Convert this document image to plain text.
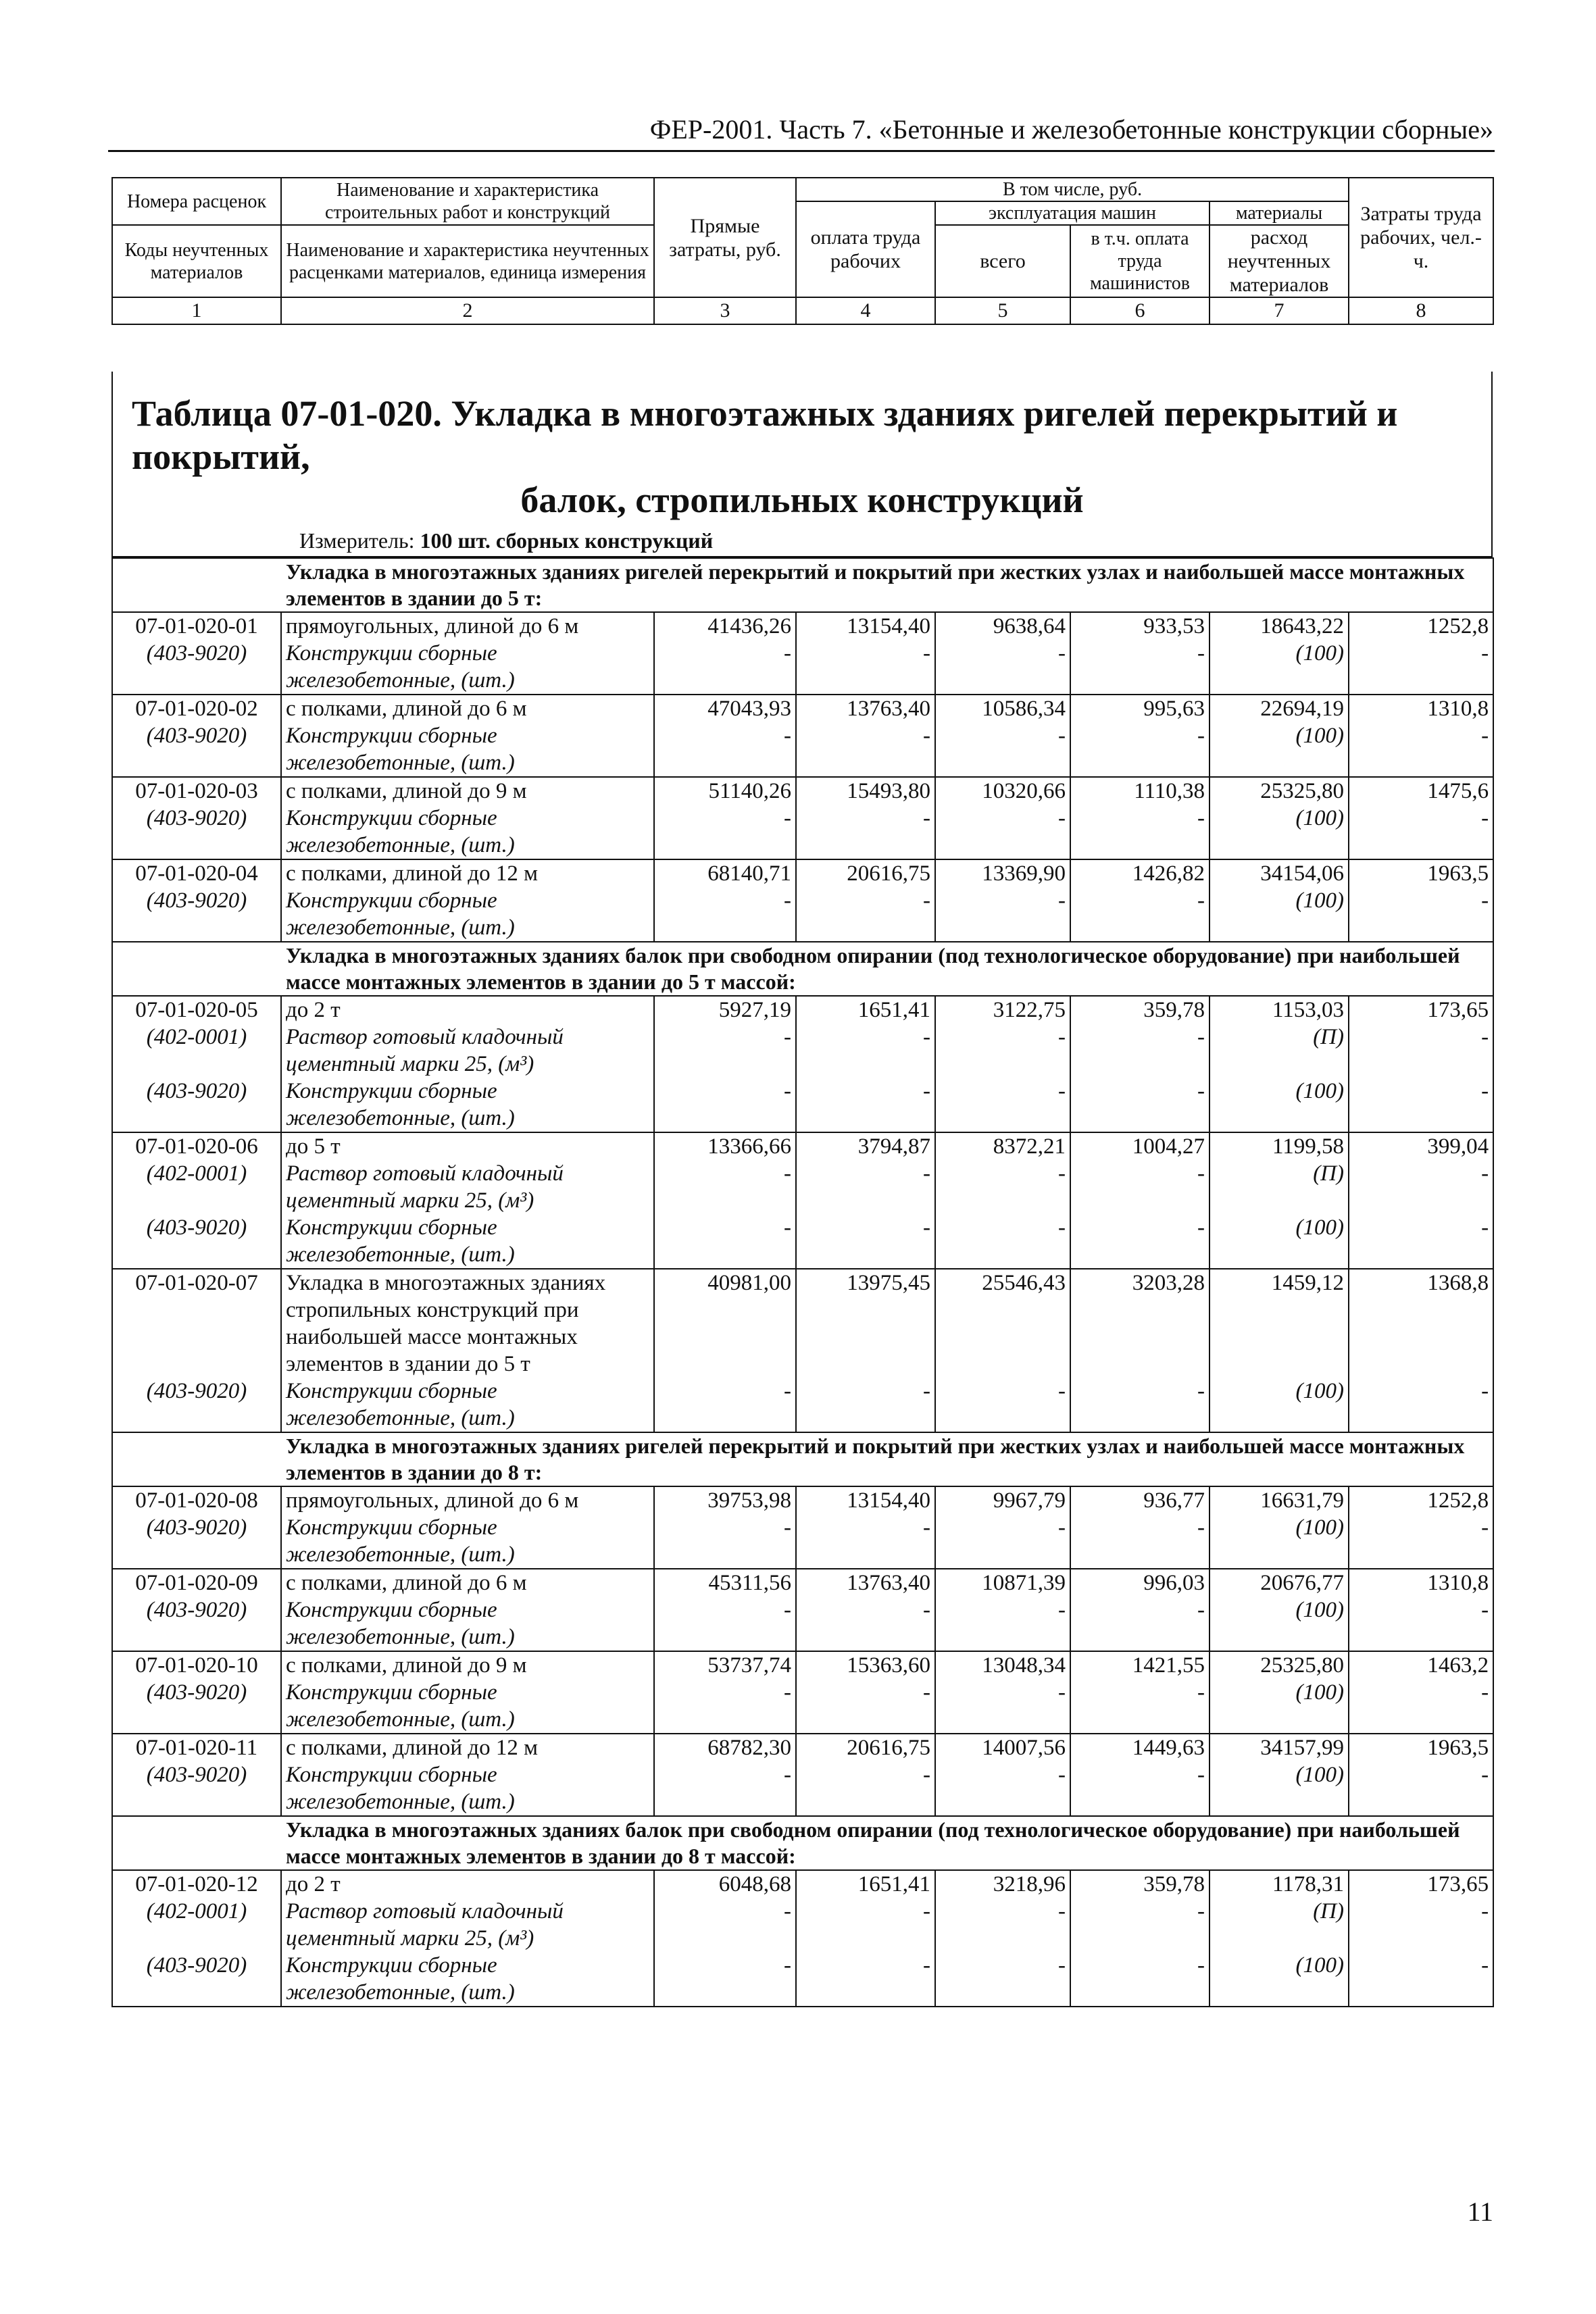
ФЕР-2001. Часть 7. «Бетонные и железобетонные конструкции сборные»
Номера расценок	Наименование и характеристика строительных работ и конструкций	Прямые затраты, руб.	В том числе, руб.				Затраты труда рабочих, чел.-ч.
			оплата труда рабочих	эксплуатация машин		материалы	
Коды неучтенных материалов	Наименование и характеристика неучтенных расценками материалов, единица измерения			всего	в т.ч. оплата труда машинистов	расход неучтенных материалов	

1	2	3	4	5	6	7	8
Таблица 07-01-020. Укладка в многоэтажных зданиях ригелей перекрытий и покрытий,
балок, стропильных конструкций
Измеритель: 100 шт. сборных конструкций
Укладка в многоэтажных зданиях ригелей перекрытий и покрытий при жестких узлах и наибольшей массе монтажных элементов в здании до 5 т:							
07-01-020-01	прямоугольных, длиной до 6 м	41436,26	13154,40	9638,64	933,53	18643,22	1252,8
(403-9020)	Конструкции сборные железобетонные, (шт.)	-	-	-	-	(100)	-
07-01-020-02	с полками, длиной до 6 м	47043,93	13763,40	10586,34	995,63	22694,19	1310,8
(403-9020)	Конструкции сборные железобетонные, (шт.)	-	-	-	-	(100)	-
07-01-020-03	с полками, длиной до 9 м	51140,26	15493,80	10320,66	1110,38	25325,80	1475,6
(403-9020)	Конструкции сборные железобетонные, (шт.)	-	-	-	-	(100)	-
07-01-020-04	с полками, длиной до 12 м	68140,71	20616,75	13369,90	1426,82	34154,06	1963,5
(403-9020)	Конструкции сборные железобетонные, (шт.)	-	-	-	-	(100)	-
Укладка в многоэтажных зданиях балок при свободном опирании (под технологическое оборудование) при наибольшей массе монтажных элементов в здании до 5 т массой:							
07-01-020-05	до 2 т	5927,19	1651,41	3122,75	359,78	1153,03	173,65
(402-0001)	Раствор готовый кладочный цементный марки 25, (м³)	-	-	-	-	(П)	-
(403-9020)	Конструкции сборные железобетонные, (шт.)	-	-	-	-	(100)	-
07-01-020-06	до 5 т	13366,66	3794,87	8372,21	1004,27	1199,58	399,04
(402-0001)	Раствор готовый кладочный цементный марки 25, (м³)	-	-	-	-	(П)	-
(403-9020)	Конструкции сборные железобетонные, (шт.)	-	-	-	-	(100)	-
07-01-020-07	Укладка в многоэтажных зданиях стропильных конструкций при наибольшей массе монтажных элементов в здании до 5 т	40981,00	13975,45	25546,43	3203,28	1459,12	1368,8
(403-9020)	Конструкции сборные железобетонные, (шт.)	-	-	-	-	(100)	-
Укладка в многоэтажных зданиях ригелей перекрытий и покрытий при жестких узлах и наибольшей массе монтажных элементов в здании до 8 т:							
07-01-020-08	прямоугольных, длиной до 6 м	39753,98	13154,40	9967,79	936,77	16631,79	1252,8
(403-9020)	Конструкции сборные железобетонные, (шт.)	-	-	-	-	(100)	-
07-01-020-09	с полками, длиной до 6 м	45311,56	13763,40	10871,39	996,03	20676,77	1310,8
(403-9020)	Конструкции сборные железобетонные, (шт.)	-	-	-	-	(100)	-
07-01-020-10	с полками, длиной до 9 м	53737,74	15363,60	13048,34	1421,55	25325,80	1463,2
(403-9020)	Конструкции сборные железобетонные, (шт.)	-	-	-	-	(100)	-
07-01-020-11	с полками, длиной до 12 м	68782,30	20616,75	14007,56	1449,63	34157,99	1963,5
(403-9020)	Конструкции сборные железобетонные, (шт.)	-	-	-	-	(100)	-
Укладка в многоэтажных зданиях балок при свободном опирании (под технологическое оборудование) при наибольшей массе монтажных элементов в здании до 8 т массой:							
07-01-020-12	до 2 т	6048,68	1651,41	3218,96	359,78	1178,31	173,65
(402-0001)	Раствор готовый кладочный цементный марки 25, (м³)	-	-	-	-	(П)	-
(403-9020)	Конструкции сборные железобетонные, (шт.)	-	-	-	-	(100)	-
11
